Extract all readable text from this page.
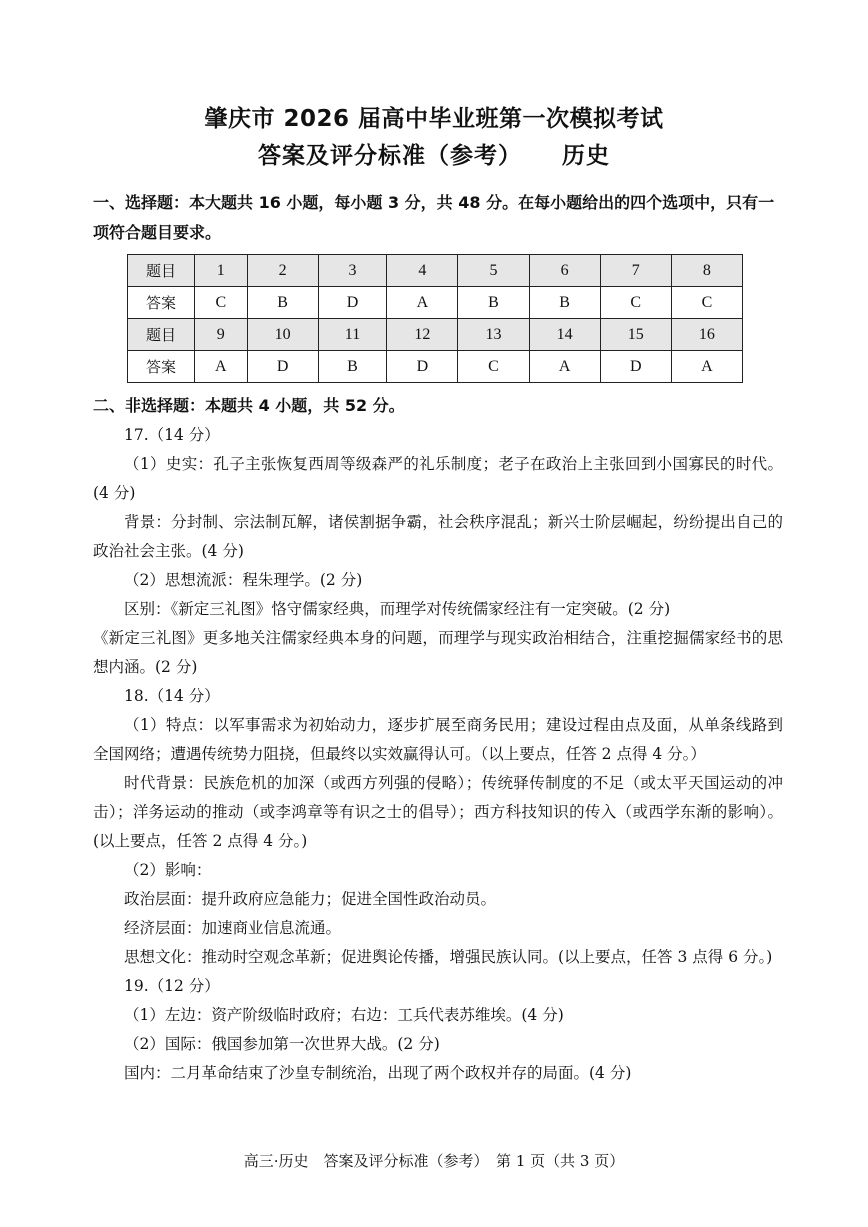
肇庆市 2026 届高中毕业班第一次模拟考试
答案及评分标准（参考） 历史
一、选择题：本大题共 16 小题，每小题 3 分，共 48 分。在每小题给出的四个选项中，只有一项符合题目要求。
题目	1	2	3	4	5	6	7	8
答案	C	B	D	A	B	B	C	C
题目	9	10	11	12	13	14	15	16
答案	A	D	B	D	C	A	D	A
二、非选择题：本题共 4 小题，共 52 分。

17.（14 分）

（1）史实：孔子主张恢复西周等级森严的礼乐制度；老子在政治上主张回到小国寡民的时代。(4 分)

背景：分封制、宗法制瓦解，诸侯割据争霸，社会秩序混乱；新兴士阶层崛起，纷纷提出自己的政治社会主张。(4 分)

（2）思想流派：程朱理学。(2 分)

区别：《新定三礼图》恪守儒家经典，而理学对传统儒家经注有一定突破。(2 分)

《新定三礼图》更多地关注儒家经典本身的问题，而理学与现实政治相结合，注重挖掘儒家经书的思想内涵。(2 分)

18.（14 分）

（1）特点：以军事需求为初始动力，逐步扩展至商务民用；建设过程由点及面，从单条线路到全国网络；遭遇传统势力阻挠，但最终以实效赢得认可。（以上要点，任答 2 点得 4 分。）

时代背景：民族危机的加深（或西方列强的侵略）；传统驿传制度的不足（或太平天国运动的冲击）；洋务运动的推动（或李鸿章等有识之士的倡导）；西方科技知识的传入（或西学东渐的影响）。(以上要点，任答 2 点得 4 分。)

（2）影响：

政治层面：提升政府应急能力；促进全国性政治动员。

经济层面：加速商业信息流通。

思想文化：推动时空观念革新；促进舆论传播，增强民族认同。(以上要点，任答 3 点得 6 分。)

19.（12 分）

（1）左边：资产阶级临时政府；右边：工兵代表苏维埃。(4 分)

（2）国际：俄国参加第一次世界大战。(2 分)

国内：二月革命结束了沙皇专制统治，出现了两个政权并存的局面。(4 分)

高三·历史　答案及评分标准（参考）　第 1 页（共 3 页）
